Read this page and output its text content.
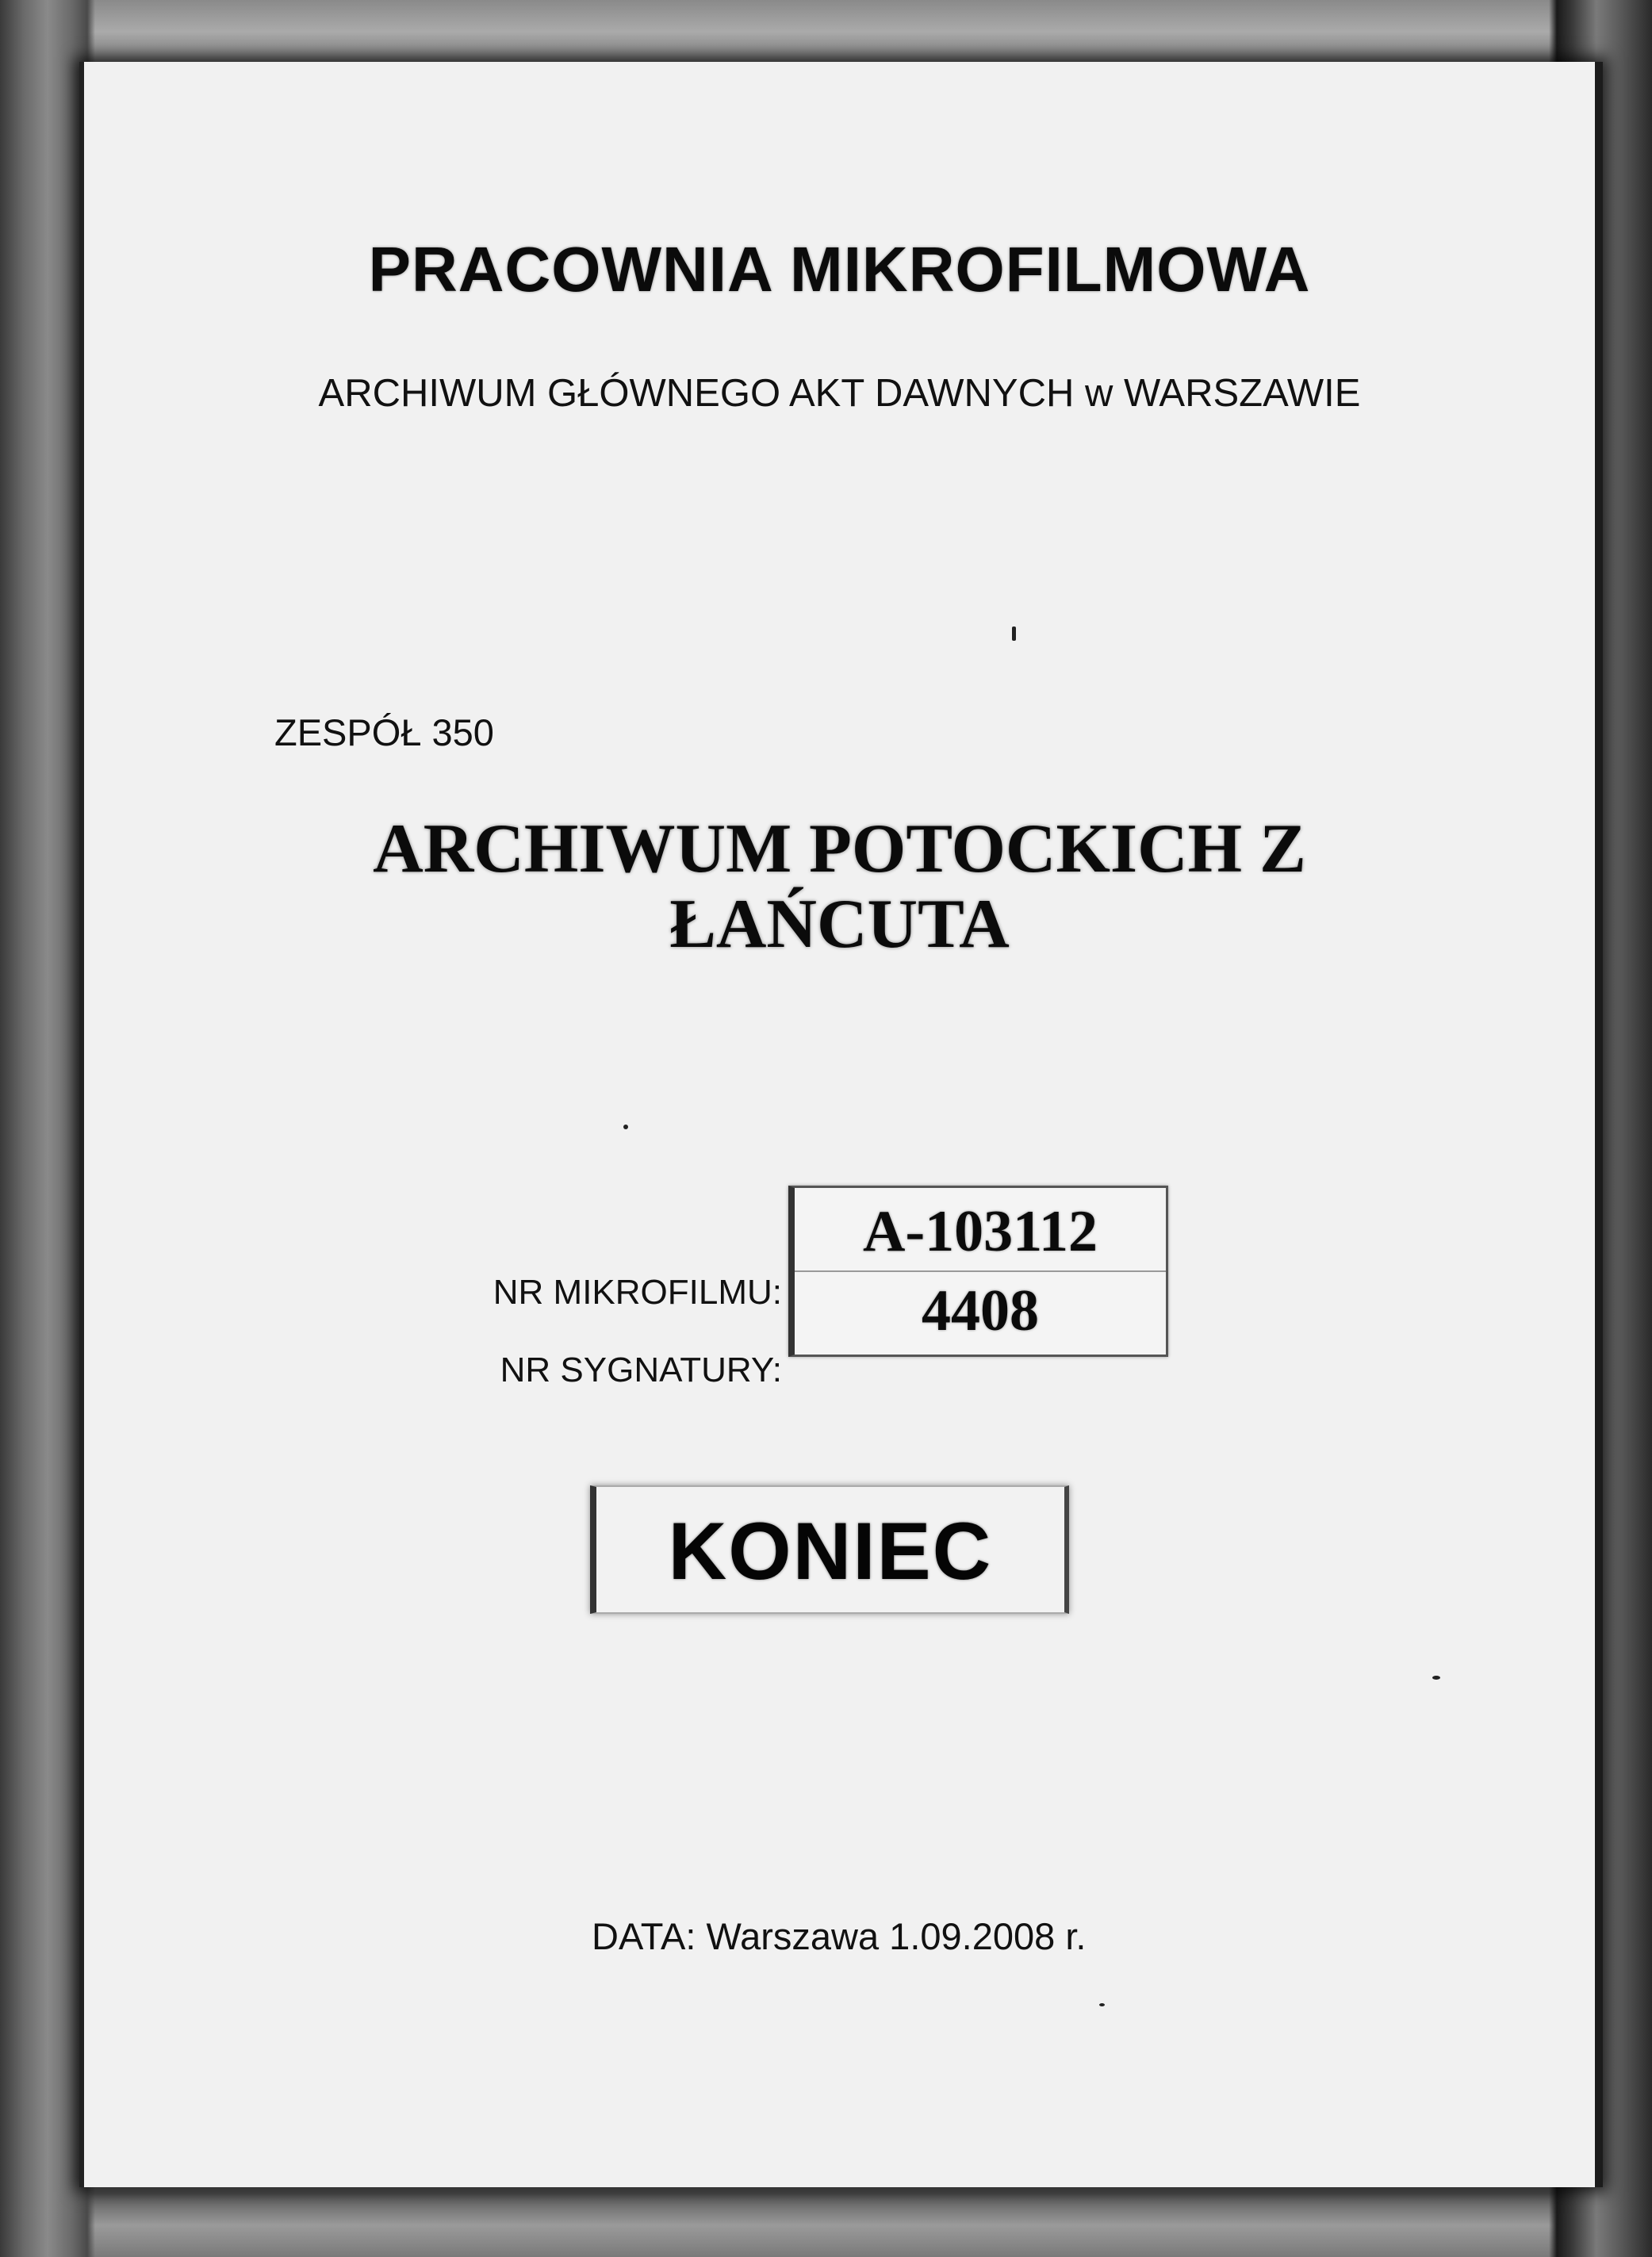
PRACOWNIA MIKROFILMOWA
ARCHIWUM GŁÓWNEGO AKT DAWNYCH w WARSZAWIE
ZESPÓŁ 350
ARCHIWUM POTOCKICH Z
ŁAŃCUTA
NR MIKROFILMU:
NR SYGNATURY:
A-103112
4408
KONIEC
DATA: Warszawa 1.09.2008 r.
